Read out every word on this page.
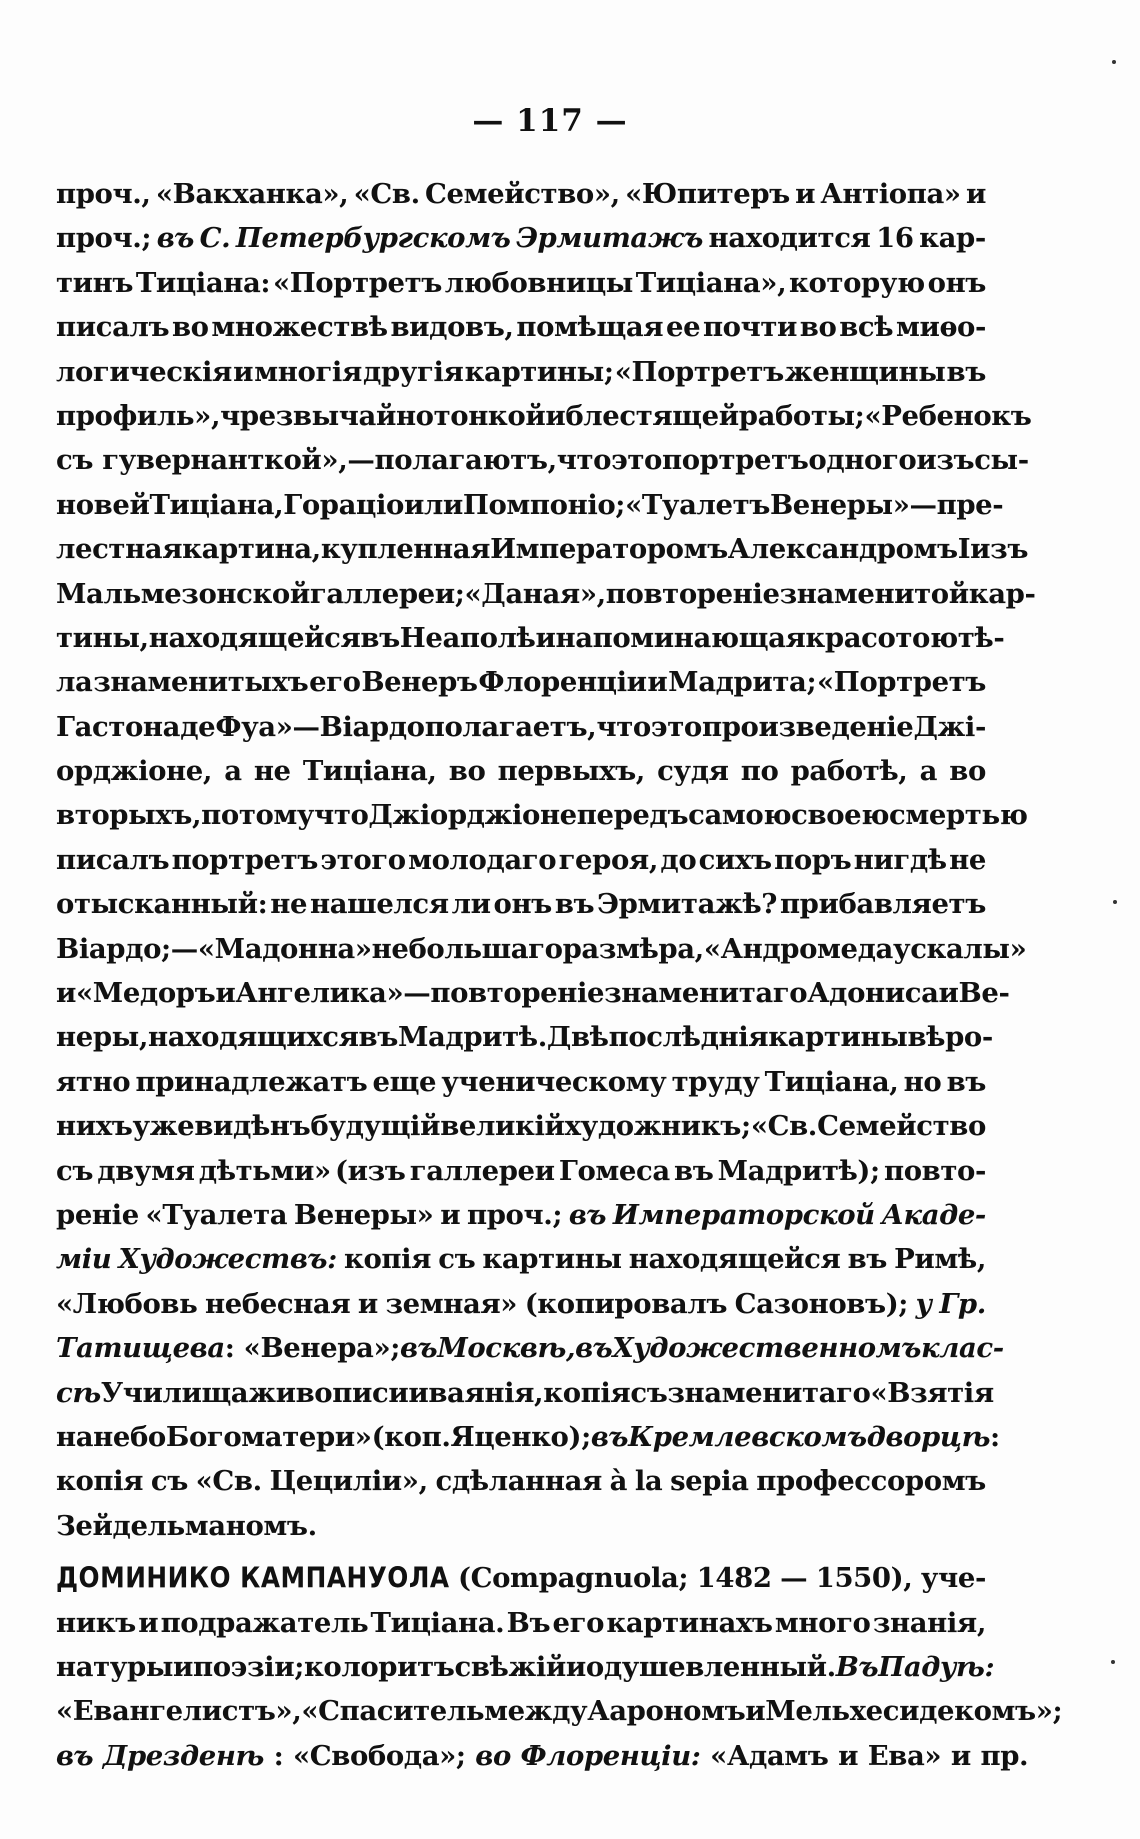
— 117 —
проч., «Вакханка», «Св. Семейство», «Юпитеръ и Антiопа» и
проч.; въ С. Петербургскомъ Эрмитажъ находится 16 кар-
тинъ Тицiана: «Портретъ любовницы Тицiана», которую онъ
писалъ во множествѣ видовъ, помѣщая ее почти во всѣ миѳо-
логическiя и многiя другiя картины; «Портретъ женщины въ
профиль», чрезвычайно тонкой и блестящей работы; «Ребенокъ
съ гувернанткой», — полагаютъ, что это портретъ одного изъ сы-
новей Тицiана, Горацiо или Помпонiо; «Туалетъ Венеры»—пре-
лестная картина, купленная Императоромъ Александромъ I изъ
Мальмезонской галлереи; «Даная», повторенiе знаменитой кар-
тины, находящейся въ Неаполѣ и напоминающая красотою тѣ-
ла знаменитыхъ его Венеръ Флоренцiи и Мадрита; «Портретъ
Гастона де Фуа»—Вiардо полагаетъ, что это произведенiе Джi-
орджiоне, а не Тицiана, во первыхъ, судя по работѣ, а во
вторыхъ, потому что Джiорджiоне передъ самою своею смертью
писалъ портретъ этого молодаго героя, до сихъ поръ нигдѣ не
отысканный: не нашелся ли онъ въ Эрмитажѣ? прибавляетъ
Вiардо;—«Мадонна» не большаго размѣра, «Андромеда у скалы»
и «Медоръ и Ангелика»—повторенiе знаменитаго Адониса и Ве-
неры, находящихся въ Мадритѣ. Двѣ послѣднiя картины вѣро-
ятно принадлежатъ еще ученическому труду Тицiана, но въ
нихъ уже видѣнъ будущiй великiй художникъ; «Св. Семейство
съ двумя дѣтьми» (изъ галлереи Гомеса въ Мадритѣ); повто-
ренiе «Туалета Венеры» и проч.; въ Императорской Акаде-
мiи Художествъ: копiя съ картины находящейся въ Римѣ,
«Любовь небесная и земная» (копировалъ Сазоновъ); у Гр.
Татищева : «Венера»; въ Москвѣ, въ Художественномъ клас-
сѣ Училища живописи и ваянiя, копiя съ знаменитаго «Взятiя
на небо Богоматери» (коп. Яценко); въ Кремлевскомъ дворцѣ :
копiя съ «Св. Цецилiи», сдѣланная à la sepia профессоромъ
Зейдельманомъ.
ДОМИНИКО КАМПАНУОЛА (Compagnuola; 1482 — 1550), уче-
никъ и подражатель Тицiана. Въ его картинахъ много знанiя,
натуры и поэзiи; колоритъ свѣжiй и одушевленный. Въ Падуѣ:
«Евангелистъ», «Спаситель между Аарономъ и Мельхесидекомъ»;
въ Дрезденѣ : «Свобода»; во Флоренцiи: «Адамъ и Ева» и пр.
